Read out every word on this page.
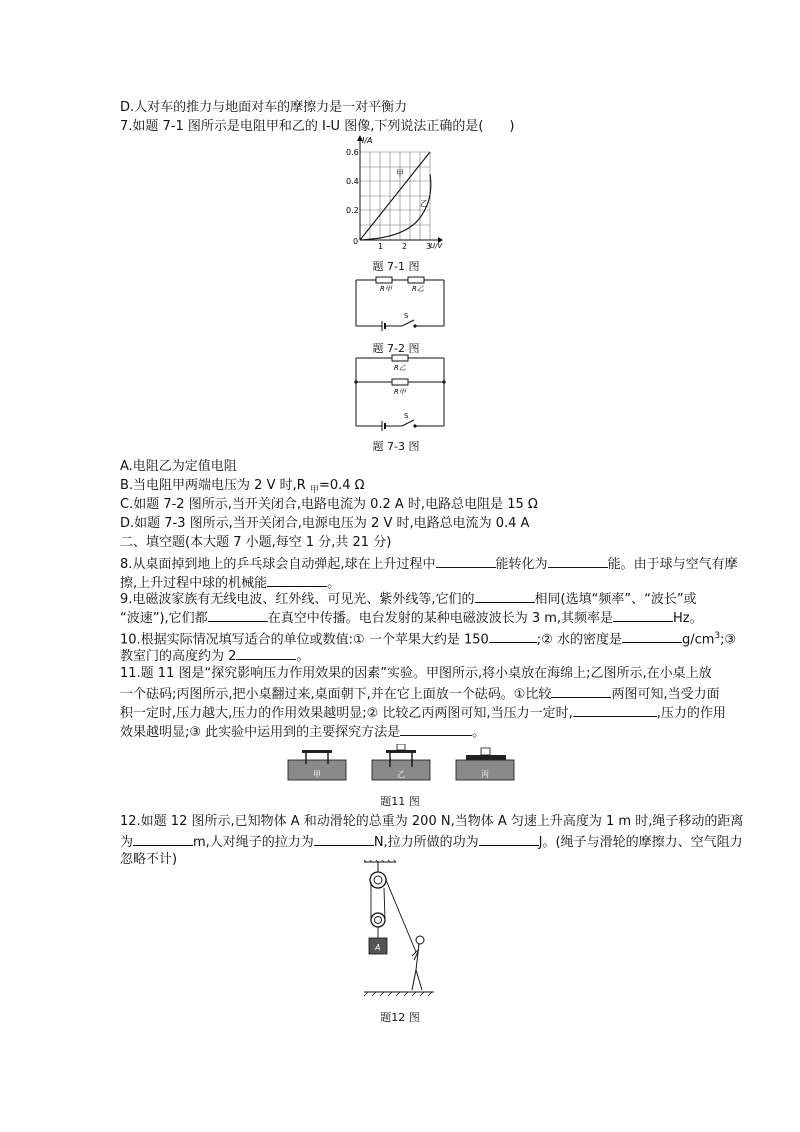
D.人对车的推力与地面对车的摩擦力是一对平衡力
7.如题 7-1 图所示是电阻甲和乙的 I-U 图像,下列说法正确的是(　　)
I/A
0.6
0.4
0.2
0
1 2 3
U/V
甲
乙
题 7-1 图
R甲	R乙
S
题 7-2 图
R乙
R甲
S
题 7-3 图
A.电阻乙为定值电阻
B.当电阻甲两端电压为 2 V 时,R $_甲$=0.4 Ω
C.如题 7-2 图所示,当开关闭合,电路电流为 0.2 A 时,电路总电阻是 15 Ω
D.如题 7-3 图所示,当开关闭合,电源电压为 2 V 时,电路总电流为 0.4 A
二、填空题(本大题 7 小题,每空 1 分,共 21 分)
8.从桌面掉到地上的乒乓球会自动弹起,球在上升过程中	能转化为	能。由于球与空气有摩
擦,上升过程中球的机械能	。
9.电磁波家族有无线电波、红外线、可见光、紫外线等,它们的	相同(选填“频率”、“波长”或
“波速”),它们都	在真空中传播。电台发射的某种电磁波波长为 3 m,其频率是	Hz。
10.根据实际情况填写适合的单位或数值:① 一个苹果大约是 150	;② 水的密度是	$g/cm^3;③$
教室门的高度约为 2	。
11.题 11 图是“探究影响压力作用效果的因素”实验。甲图所示,将小桌放在海绵上;乙图所示,在小桌上放
一个砝码;丙图所示,把小桌翻过来,桌面朝下,并在它上面放一个砝码。①比较	两图可知,当受力面
积一定时,压力越大,压力的作用效果越明显;② 比较乙丙两图可知,当压力一定时,	,压力的作用
效果越明显;③ 此实验中运用到的主要探究方法是	。
甲	乙	丙
题11 图
12.如题 12 图所示,已知物体 A 和动滑轮的总重为 200 N,当物体 A 匀速上升高度为 1 m 时,绳子移动的距离
为	m,人对绳子的拉力为	N,拉力所做的功为	J。(绳子与滑轮的摩擦力、空气阻力
忽略不计)
A
题12 图
